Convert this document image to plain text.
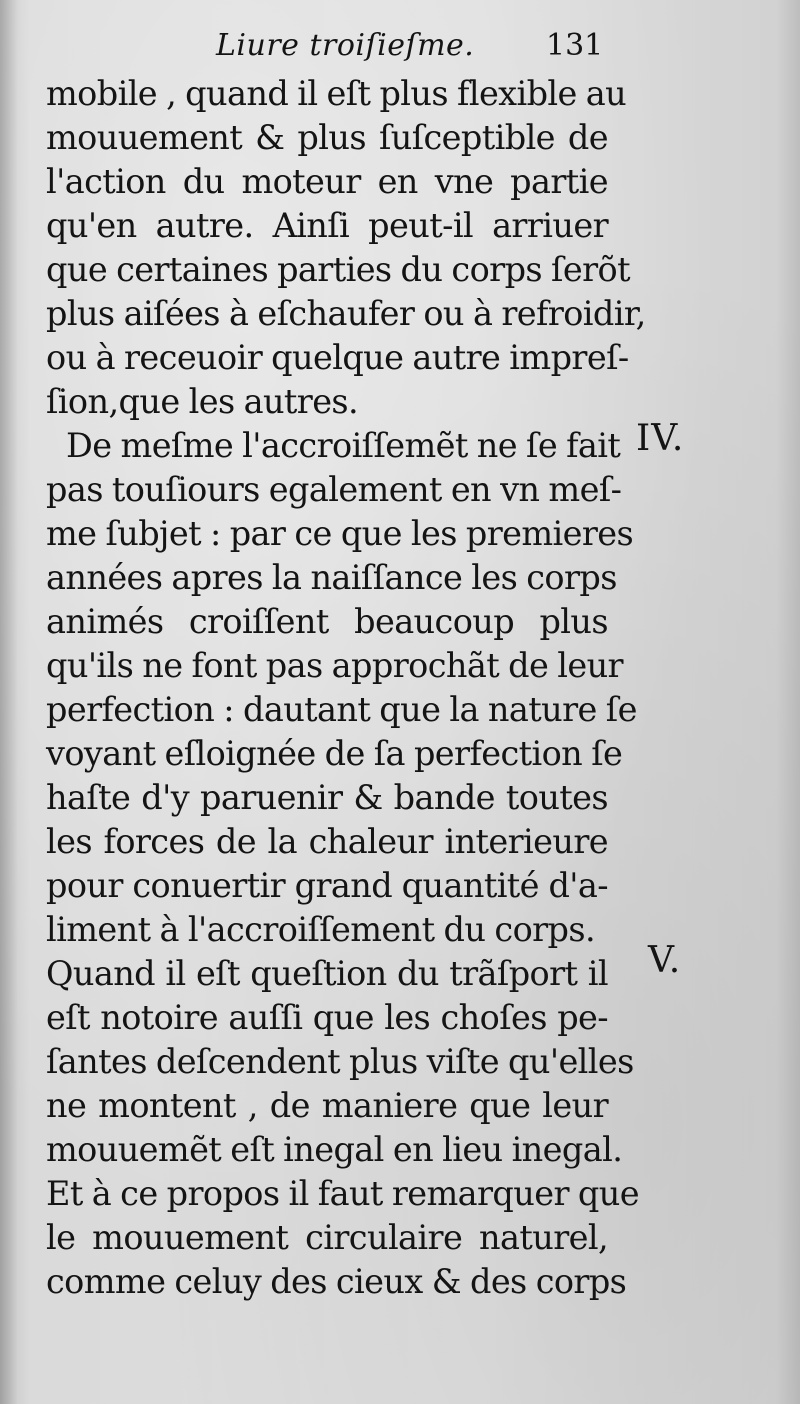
Liure troiſieſme. 131
mobile , quand il eſt plus flexible au
mouuement & plus ſuſceptible de
l'action du moteur en vne partie
qu'en autre. Ainſi peut-il arriuer
que certaines parties du corps ſerõt
plus aiſées à eſchaufer ou à refroidir,
ou à receuoir quelque autre impreſ-
ſion,que les autres.
De meſme l'accroiſſemẽt ne ſe fait
pas touſiours egalement en vn meſ-
me ſubjet : par ce que les premieres
années apres la naiſſance les corps
animés croiſſent beaucoup plus
qu'ils ne font pas approchãt de leur
perfection : dautant que la nature ſe
voyant eſloignée de ſa perfection ſe
haſte d'y paruenir & bande toutes
les forces de la chaleur interieure
pour conuertir grand quantité d'a-
liment à l'accroiſſement du corps.
Quand il eſt queſtion du trãſport il
eſt notoire auſſi que les choſes pe-
ſantes deſcendent plus viſte qu'elles
ne montent , de maniere que leur
mouuemẽt eſt inegal en lieu inegal.
Et à ce propos il faut remarquer que
le mouuement circulaire naturel,
comme celuy des cieux & des corps
IV.
V.
